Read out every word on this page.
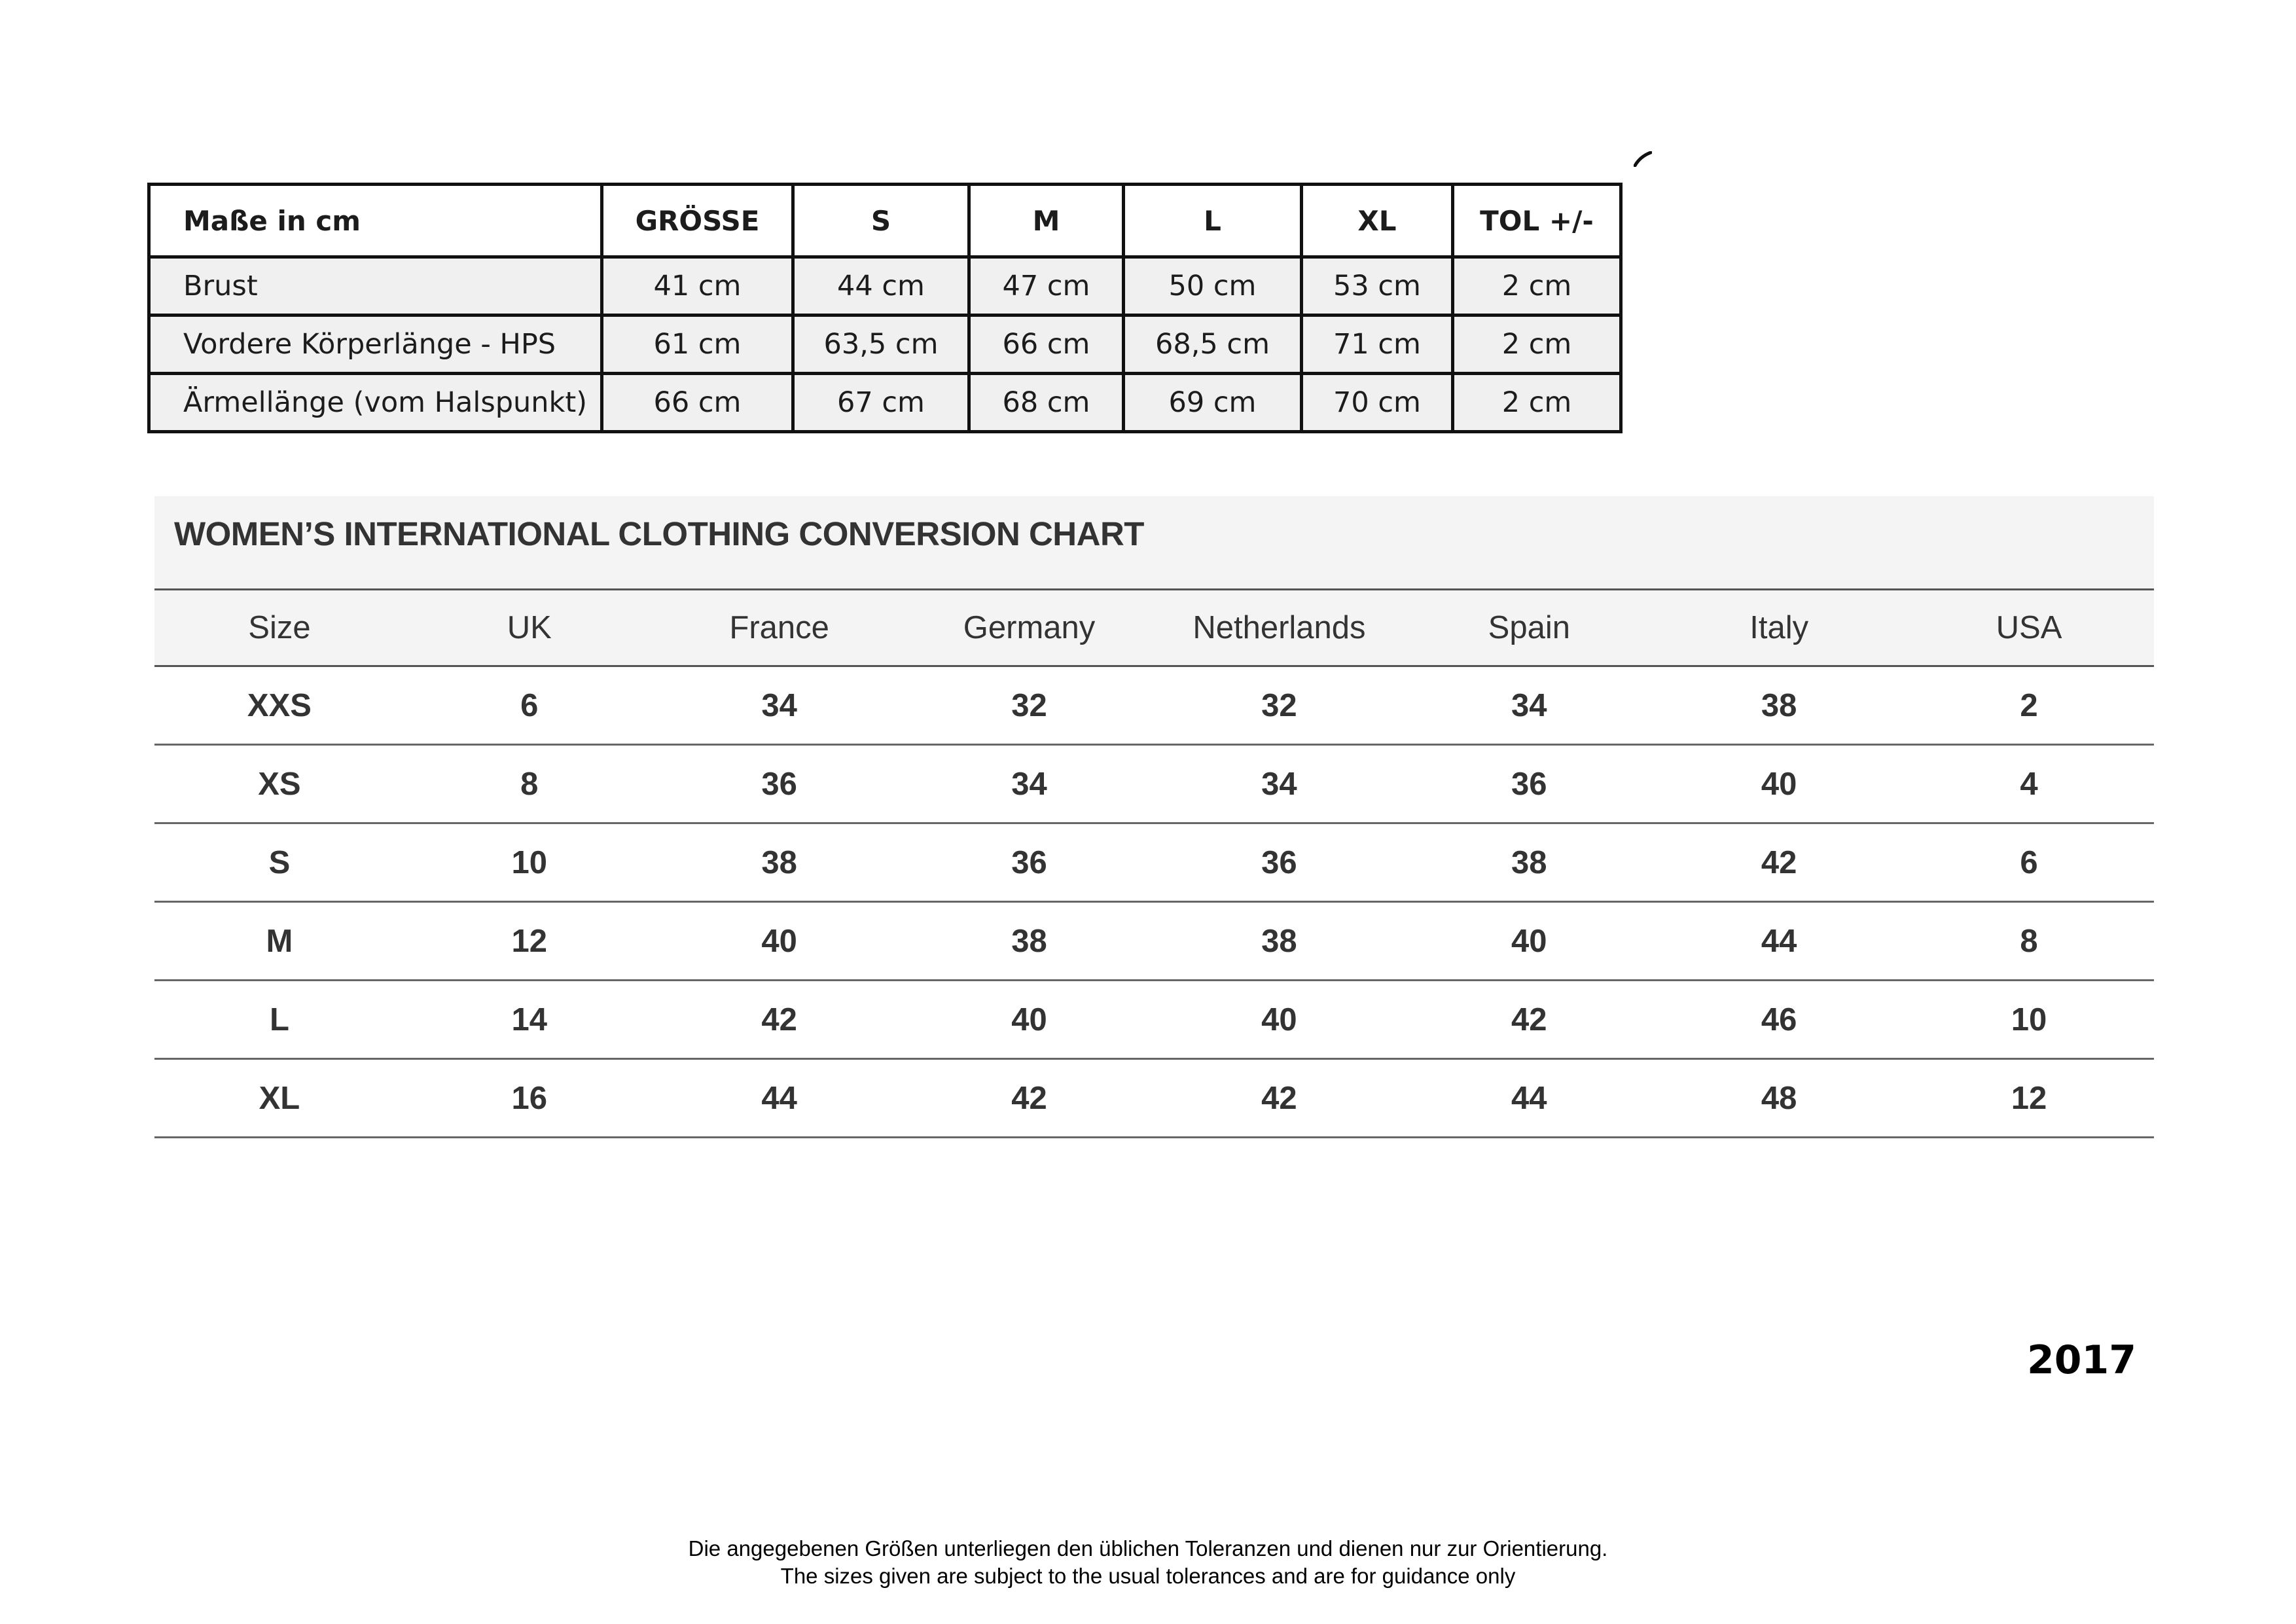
Maße in cm	GRÖSSE	S	M	L	XL	TOL +/-
Brust	41 cm	44 cm	47 cm	50 cm	53 cm	2 cm
Vordere Körperlänge - HPS	61 cm	63,5 cm	66 cm	68,5 cm	71 cm	2 cm
Ärmellänge (vom Halspunkt)	66 cm	67 cm	68 cm	69 cm	70 cm	2 cm
WOMEN’S INTERNATIONAL CLOTHING CONVERSION CHART
Size	UK	France	Germany	Netherlands	Spain	Italy	USA
XXS	6	34	32	32	34	38	2
XS	8	36	34	34	36	40	4
S	10	38	36	36	38	42	6
M	12	40	38	38	40	44	8
L	14	42	40	40	42	46	10
XL	16	44	42	42	44	48	12
2017
Die angegebenen Größen unterliegen den üblichen Toleranzen und dienen nur zur Orientierung.
The sizes given are subject to the usual tolerances and are for guidance only
